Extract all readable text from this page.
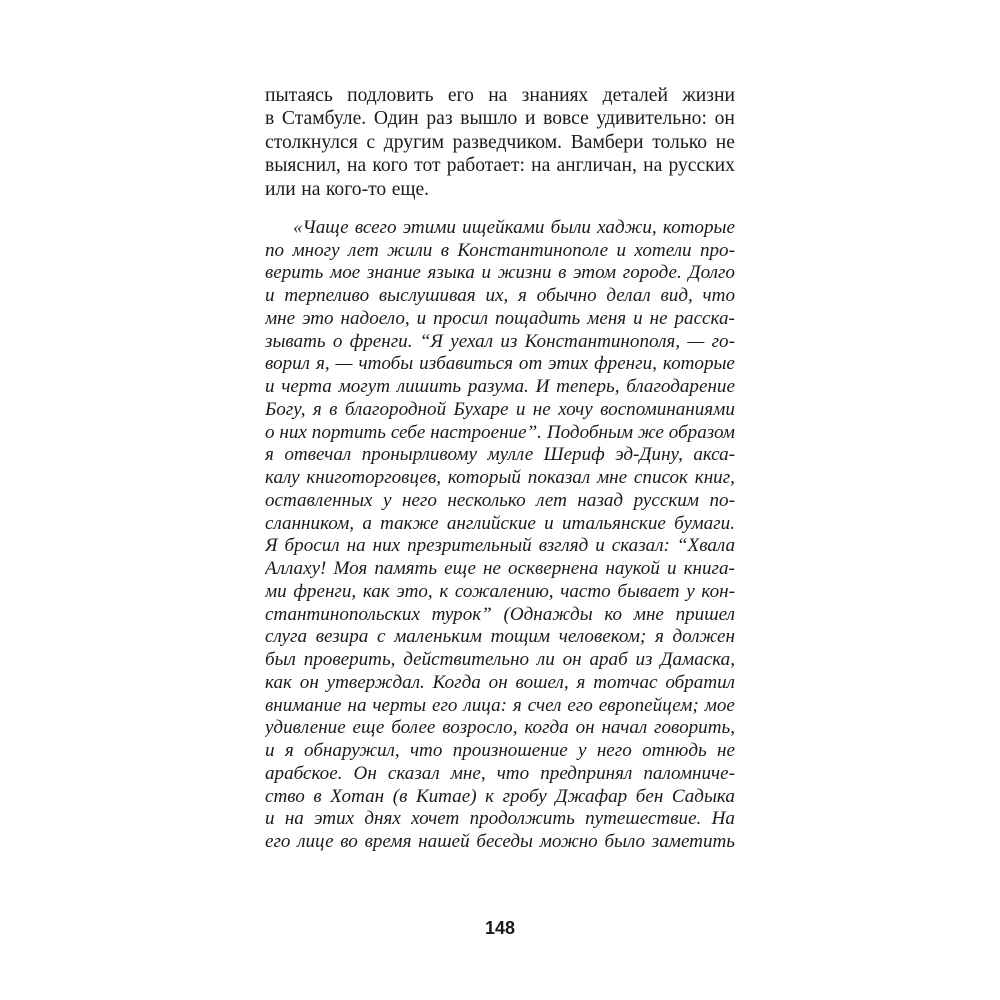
пытаясь подловить его на знаниях деталей жизни
в Стамбуле. Один раз вышло и вовсе удивительно: он
столкнулся с другим разведчиком. Вамбери только не
выяснил, на кого тот работает: на англичан, на русских
или на кого-то еще.
«Чаще всего этими ищейками были хаджи, которые
по многу лет жили в Константинополе и хотели про-
верить мое знание языка и жизни в этом городе. Долго
и терпеливо выслушивая их, я обычно делал вид, что
мне это надоело, и просил пощадить меня и не расска-
зывать о френги. “Я уехал из Константинополя, — го-
ворил я, — чтобы избавиться от этих френги, которые
и черта могут лишить разума. И теперь, благодарение
Богу, я в благородной Бухаре и не хочу воспоминаниями
о них портить себе настроение”. Подобным же образом
я отвечал пронырливому мулле Шериф эд-Дину, акса-
калу книготорговцев, который показал мне список книг,
оставленных у него несколько лет назад русским по-
сланником, а также английские и итальянские бумаги.
Я бросил на них презрительный взгляд и сказал: “Хвала
Аллаху! Моя память еще не осквернена наукой и книга-
ми френги, как это, к сожалению, часто бывает у кон-
стантинопольских турок” (Однажды ко мне пришел
слуга везира с маленьким тощим человеком; я должен
был проверить, действительно ли он араб из Дамаска,
как он утверждал. Когда он вошел, я тотчас обратил
внимание на черты его лица: я счел его европейцем; мое
удивление еще более возросло, когда он начал говорить,
и я обнаружил, что произношение у него отнюдь не
арабское. Он сказал мне, что предпринял паломниче-
ство в Хотан (в Китае) к гробу Джафар бен Садыка
и на этих днях хочет продолжить путешествие. На
его лице во время нашей беседы можно было заметить
148
